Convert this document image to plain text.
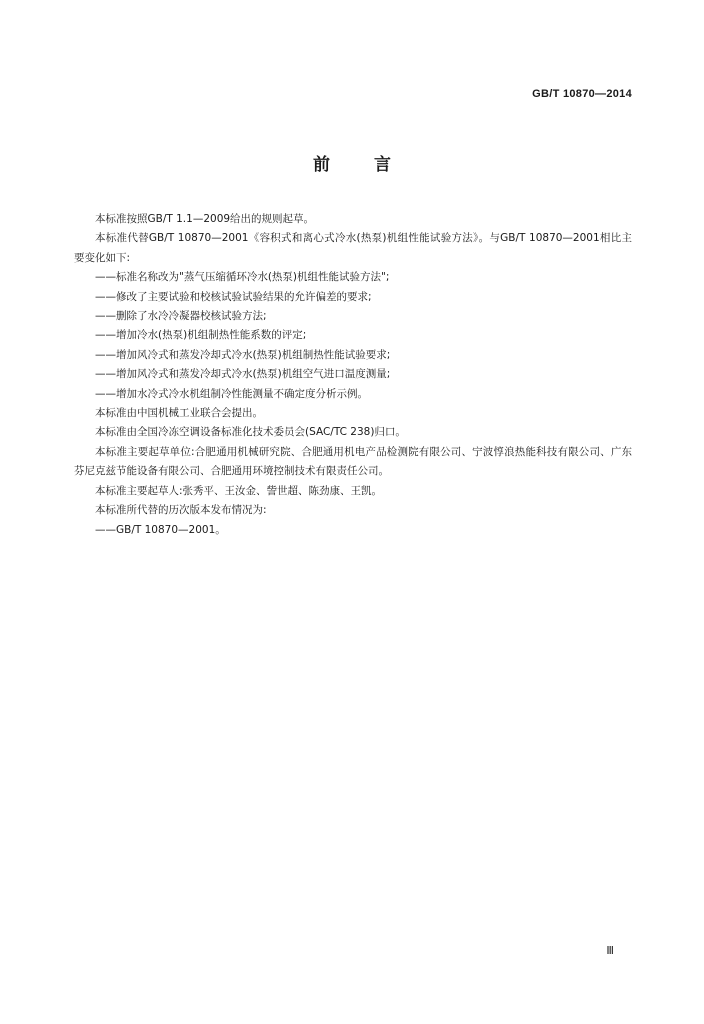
GB/T 10870—2014
前言

本标准按照GB/T 1.1—2009给出的规则起草。

本标准代替GB/T 10870—2001《容积式和离心式冷水(热泵)机组性能试验方法》。与GB/T 10870—2001相比主要变化如下:

——标准名称改为"蒸气压缩循环冷水(热泵)机组性能试验方法";

——修改了主要试验和校核试验试验结果的允许偏差的要求;

——删除了水冷冷凝器校核试验方法;

——增加冷水(热泵)机组制热性能系数的评定;

——增加风冷式和蒸发冷却式冷水(热泵)机组制热性能试验要求;

——增加风冷式和蒸发冷却式冷水(热泵)机组空气进口温度测量;

——增加水冷式冷水机组制冷性能测量不确定度分析示例。

本标准由中国机械工业联合会提出。

本标准由全国冷冻空调设备标准化技术委员会(SAC/TC 238)归口。

本标准主要起草单位:合肥通用机械研究院、合肥通用机电产品检测院有限公司、宁波惇浪热能科技有限公司、广东芬尼克兹节能设备有限公司、合肥通用环境控制技术有限责任公司。

本标准主要起草人:张秀平、王汝金、訾世超、陈劲康、王凯。

本标准所代替的历次版本发布情况为:

——GB/T 10870—2001。

Ⅲ
